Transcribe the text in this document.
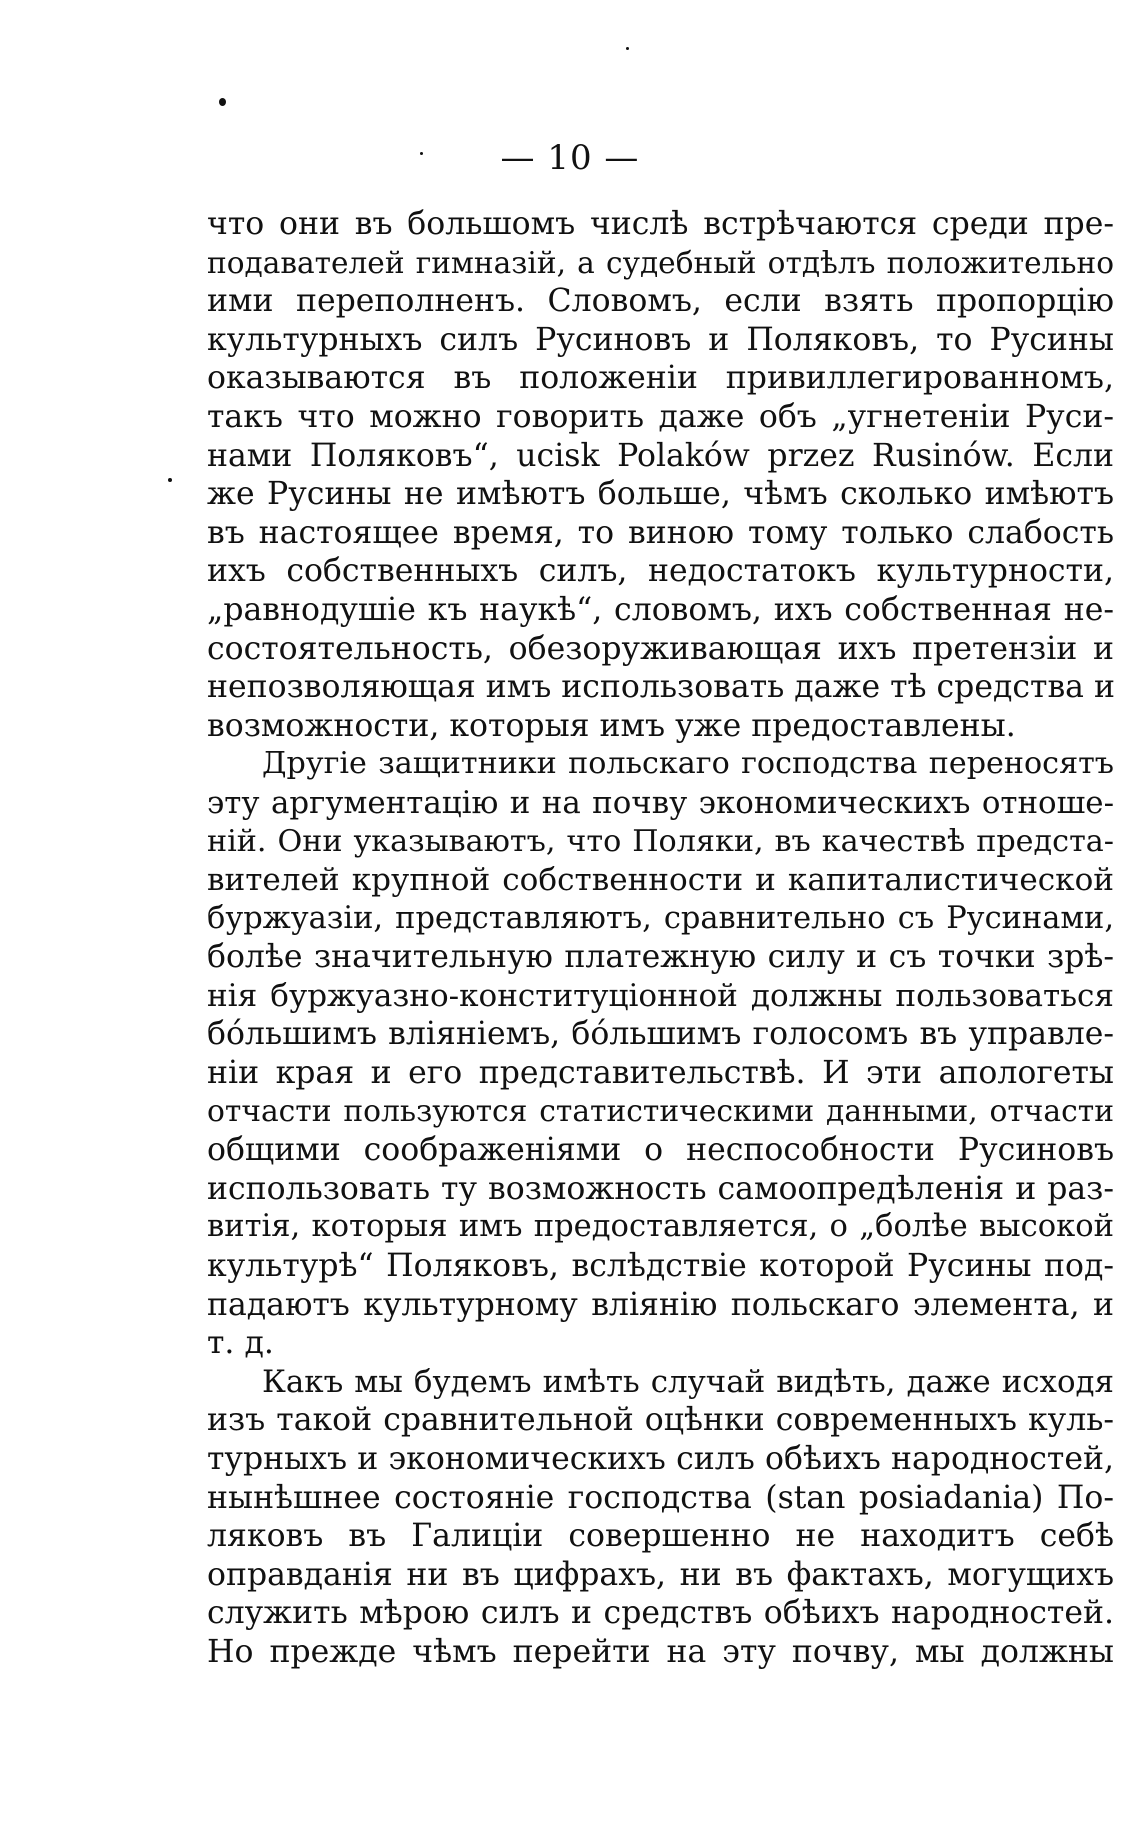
— 10 —
что они въ большомъ числѣ встрѣчаются среди пре-
подавателей гимназій, а судебный отдѣлъ положительно
ими переполненъ. Словомъ, если взять пропорцію
культурныхъ силъ Русиновъ и Поляковъ, то Русины
оказываются въ положеніи привиллегированномъ,
такъ что можно говорить даже объ „угнетеніи Руси-
нами Поляковъ“, ucisk Polaków przez Rusinów. Если
же Русины не имѣютъ больше, чѣмъ сколько имѣютъ
въ настоящее время, то виною тому только слабость
ихъ собственныхъ силъ, недостатокъ культурности,
„равнодушіе къ наукѣ“, словомъ, ихъ собственная не-
состоятельность, обезоруживающая ихъ претензіи и
непозволяющая имъ использовать даже тѣ средства и
возможности, которыя имъ уже предоставлены.
Другіе защитники польскаго господства переносятъ
эту аргументацію и на почву экономическихъ отноше-
ній. Они указываютъ, что Поляки, въ качествѣ предста-
вителей крупной собственности и капиталистической
буржуазіи, представляютъ, сравнительно съ Русинами,
болѣе значительную платежную силу и съ точки зрѣ-
нія буржуазно-конституціонной должны пользоваться
бóльшимъ вліяніемъ, бóльшимъ голосомъ въ управле-
ніи края и его представительствѣ. И эти апологеты
отчасти пользуются статистическими данными, отчасти
общими соображеніями о неспособности Русиновъ
использовать ту возможность самоопредѣленія и раз-
витія, которыя имъ предоставляется, о „болѣе высокой
культурѣ“ Поляковъ, вслѣдствіе которой Русины под-
падаютъ культурному вліянію польскаго элемента, и
т. д.
Какъ мы будемъ имѣть случай видѣть, даже исходя
изъ такой сравнительной оцѣнки современныхъ куль-
турныхъ и экономическихъ силъ обѣихъ народностей,
нынѣшнее состояніе господства (stan posiadania) По-
ляковъ въ Галиціи совершенно не находитъ себѣ
оправданія ни въ цифрахъ, ни въ фактахъ, могущихъ
служить мѣрою силъ и средствъ обѣихъ народностей.
Но прежде чѣмъ перейти на эту почву, мы должны
